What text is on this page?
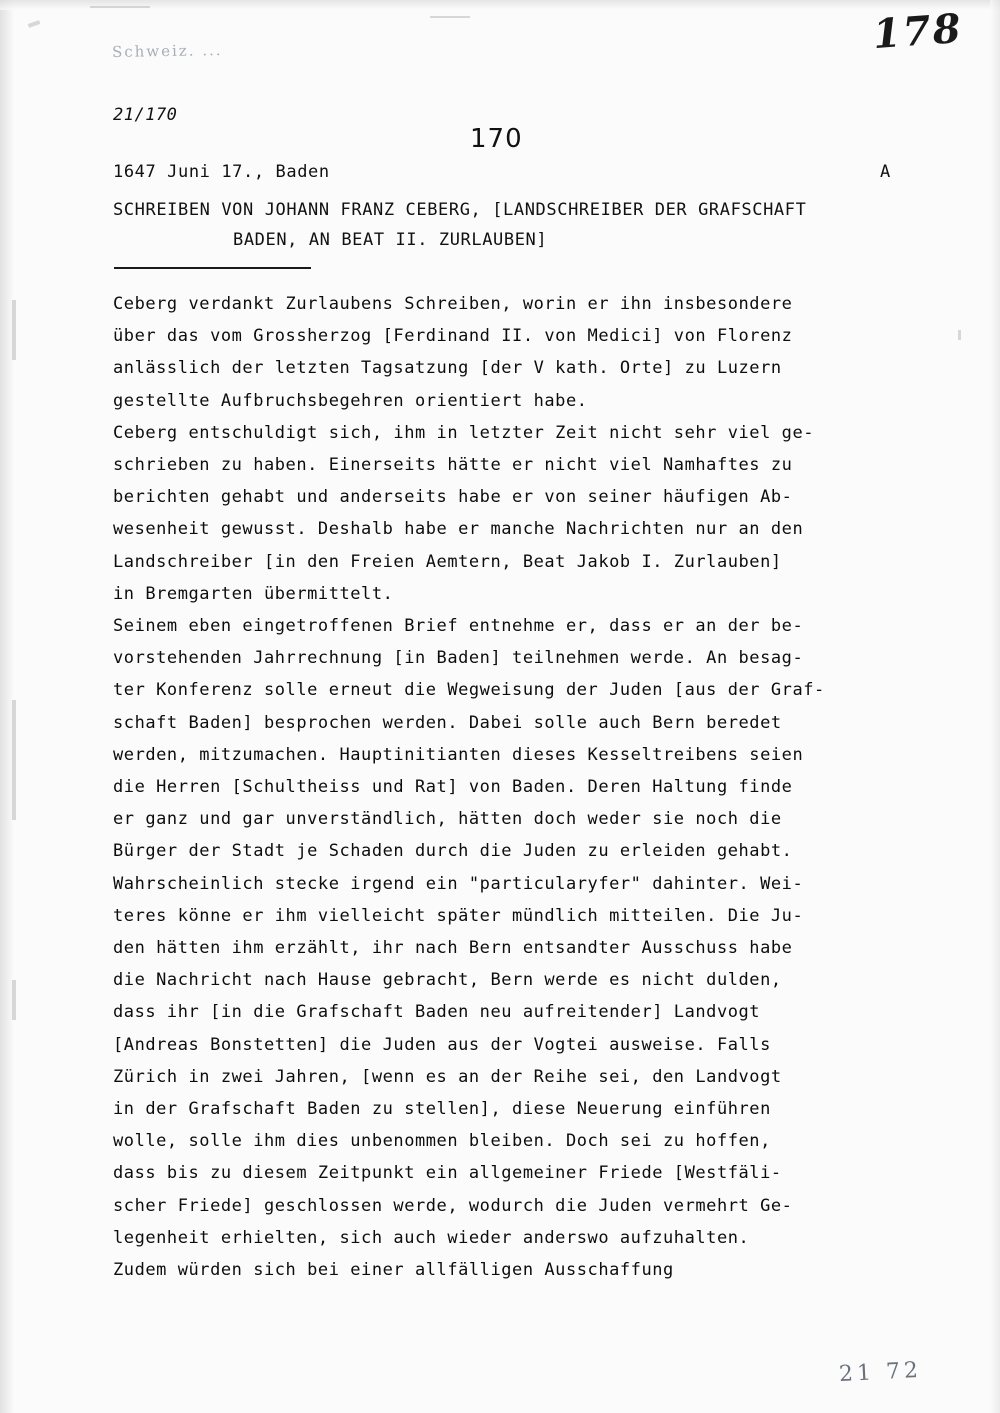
178
Schweiz. ...
21/170
170
1647 Juni 17., Baden	A
SCHREIBEN VON JOHANN FRANZ CEBERG, [LANDSCHREIBER DER GRAFSCHAFT
BADEN, AN BEAT II. ZURLAUBEN]
Ceberg verdankt Zurlaubens Schreiben, worin er ihn insbesondere
über das vom Grossherzog [Ferdinand II. von Medici] von Florenz
anlässlich der letzten Tagsatzung [der V kath. Orte] zu Luzern
gestellte Aufbruchsbegehren orientiert habe.
Ceberg entschuldigt sich, ihm in letzter Zeit nicht sehr viel ge-
schrieben zu haben. Einerseits hätte er nicht viel Namhaftes zu
berichten gehabt und anderseits habe er von seiner häufigen Ab-
wesenheit gewusst. Deshalb habe er manche Nachrichten nur an den
Landschreiber [in den Freien Aemtern, Beat Jakob I. Zurlauben]
in Bremgarten übermittelt.
Seinem eben eingetroffenen Brief entnehme er, dass er an der be-
vorstehenden Jahrrechnung [in Baden] teilnehmen werde. An besag-
ter Konferenz solle erneut die Wegweisung der Juden [aus der Graf-
schaft Baden] besprochen werden. Dabei solle auch Bern beredet
werden, mitzumachen. Hauptinitianten dieses Kesseltreibens seien
die Herren [Schultheiss und Rat] von Baden. Deren Haltung finde
er ganz und gar unverständlich, hätten doch weder sie noch die
Bürger der Stadt je Schaden durch die Juden zu erleiden gehabt.
Wahrscheinlich stecke irgend ein "particularyfer" dahinter. Wei-
teres könne er ihm vielleicht später mündlich mitteilen. Die Ju-
den hätten ihm erzählt, ihr nach Bern entsandter Ausschuss habe
die Nachricht nach Hause gebracht, Bern werde es nicht dulden,
dass ihr [in die Grafschaft Baden neu aufreitender] Landvogt
[Andreas Bonstetten] die Juden aus der Vogtei ausweise. Falls
Zürich in zwei Jahren, [wenn es an der Reihe sei, den Landvogt
in der Grafschaft Baden zu stellen], diese Neuerung einführen
wolle, solle ihm dies unbenommen bleiben. Doch sei zu hoffen,
dass bis zu diesem Zeitpunkt ein allgemeiner Friede [Westfäli-
scher Friede] geschlossen werde, wodurch die Juden vermehrt Ge-
legenheit erhielten, sich auch wieder anderswo aufzuhalten.
Zudem würden sich bei einer allfälligen Ausschaffung
21 72
